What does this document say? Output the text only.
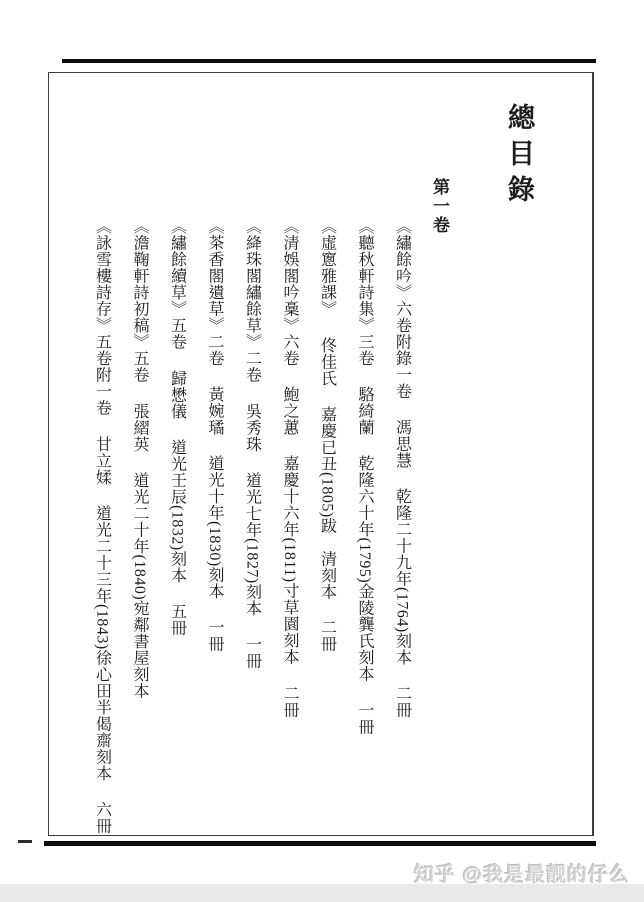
總目錄
第一卷
《繡餘吟》六卷附錄一卷 馮思慧 乾隆二十九年(1764)刻本 二冊
《聽秋軒詩集》三卷 駱綺蘭 乾隆六十年(1795)金陵龔氏刻本 一冊
《虛窻雅課》 佟佳氏 嘉慶已丑(1805)跋　清刻本 二冊
《清娛閣吟稾》六卷 鮑之蕙 嘉慶十六年(1811)寸草園刻本 二冊
《絳珠閣繡餘草》二卷 吳秀珠 道光七年(1827)刻本 一冊
《茶香閣遺草》二卷 黃婉璚 道光十年(1830)刻本 一冊
《繡餘續草》五卷 歸懋儀 道光壬辰(1832)刻本 五冊
《澹鞠軒詩初稿》五卷 張䌌英 道光二十年(1840)宛鄰書屋刻本
《詠雪樓詩存》五卷附一卷 甘立媃 道光二十三年(1843)徐心田半偈齋刻本 六冊
知乎 @我是最靓的仔么
